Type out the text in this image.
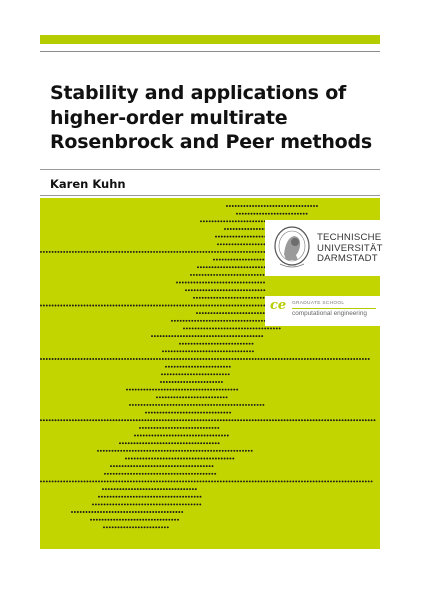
Stability and applications of
higher-order multirate
Rosenbrock and Peer methods

Karen Kuhn

TECHNISCHE
UNIVERSITÄT
DARMSTADT
ce GRADUATE SCHOOL
computational engineering
